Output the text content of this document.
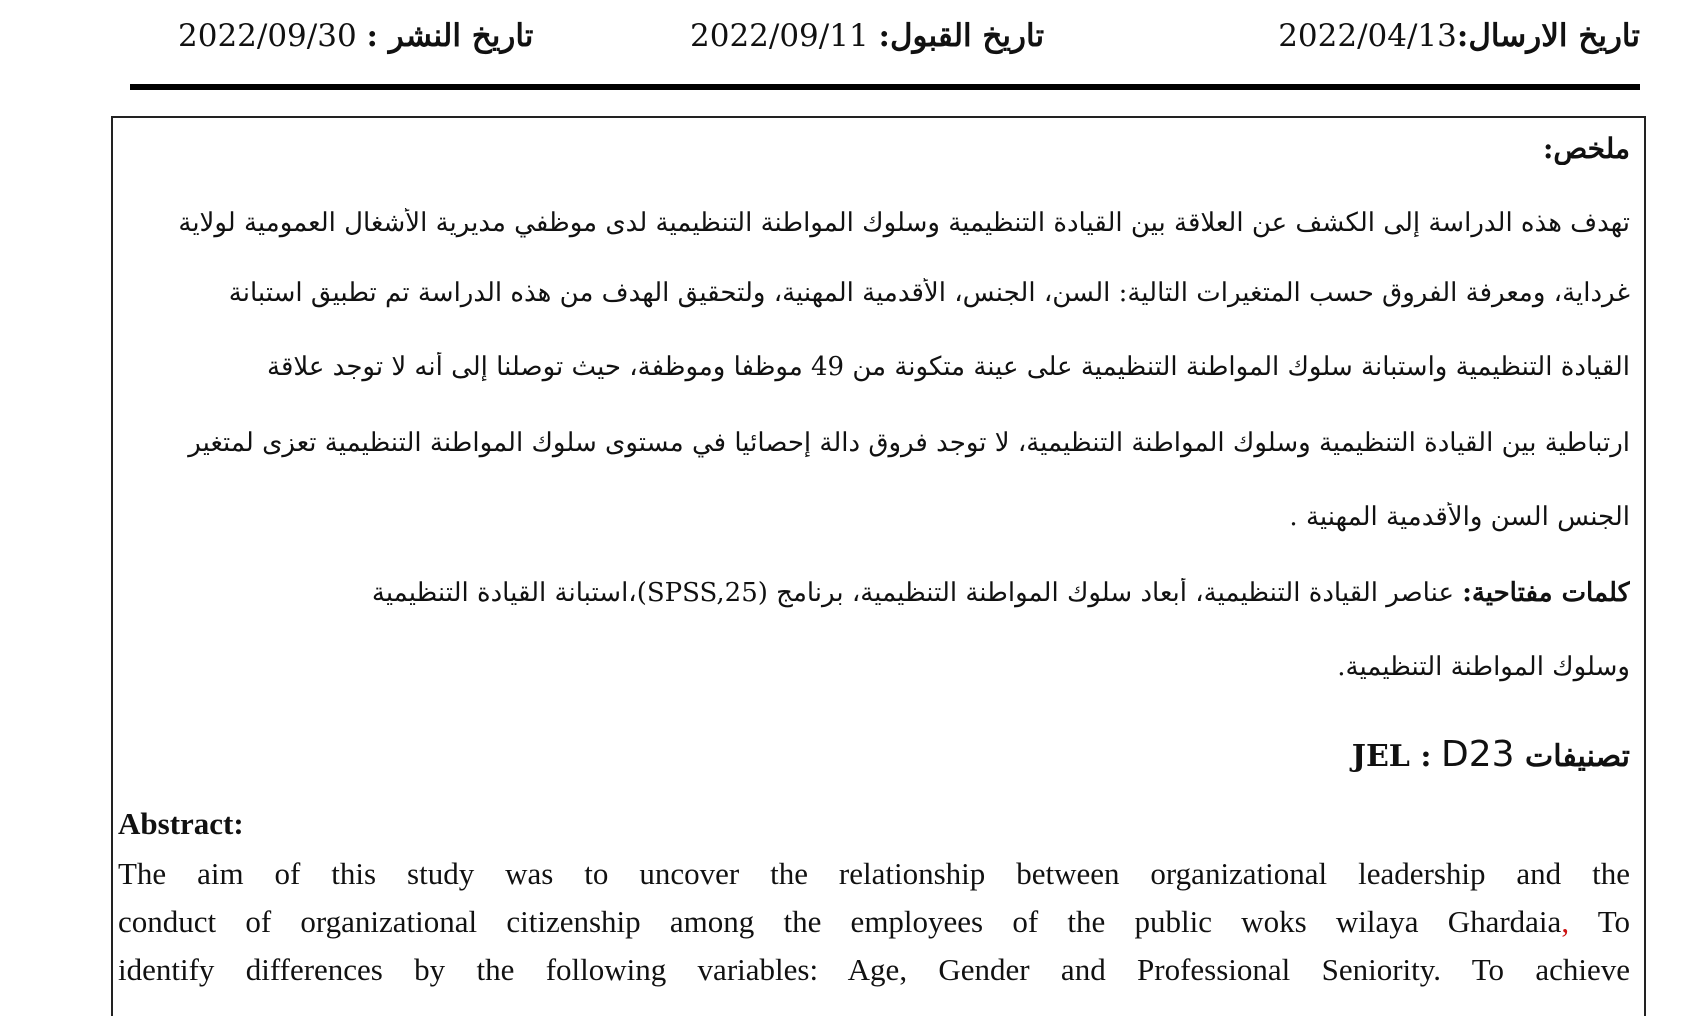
تاريخ الارسال:2022/04/13
تاريخ القبول: 2022/09/11
تاريخ النشر : 2022/09/30
ملخص:
تهدف هذه الدراسة إلى الكشف عن العلاقة بين القيادة التنظيمية وسلوك المواطنة التنظيمية لدى موظفي مديرية الأشغال العمومية لولاية
غرداية، ومعرفة الفروق حسب المتغيرات التالية: السن، الجنس، الأقدمية المهنية، ولتحقيق الهدف من هذه الدراسة تم تطبيق استبانة
القيادة التنظيمية واستبانة سلوك المواطنة التنظيمية على عينة متكونة من 49 موظفا وموظفة، حيث توصلنا إلى أنه لا توجد علاقة
ارتباطية بين القيادة التنظيمية وسلوك المواطنة التنظيمية، لا توجد فروق دالة إحصائيا في مستوى سلوك المواطنة التنظيمية تعزى لمتغير
الجنس السن والأقدمية المهنية .
كلمات مفتاحية: عناصر القيادة التنظيمية، أبعاد سلوك المواطنة التنظيمية، برنامج (SPSS,25)،استبانة القيادة التنظيمية
وسلوك المواطنة التنظيمية.
تصنيفات JEL : D23
Abstract:
The aim of this study was to uncover the relationship between organizational leadership and the
conduct of organizational citizenship among the employees of the public woks wilaya Ghardaia, To
identify differences by the following variables: Age, Gender and Professional Seniority. To achieve
